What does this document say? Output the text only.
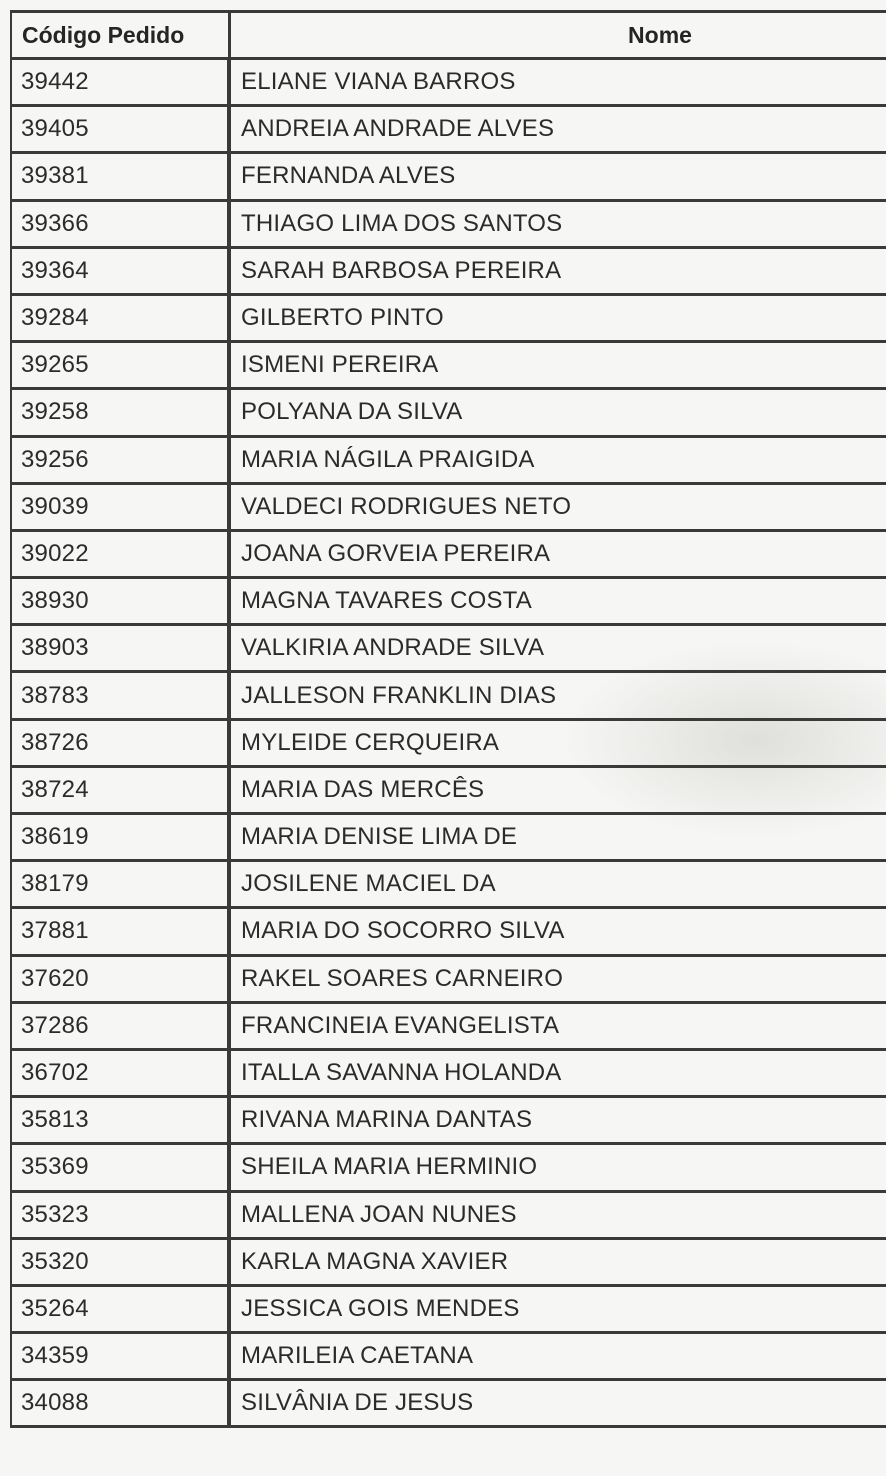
Código Pedido	Nome
39442	ELIANE VIANA BARROS
39405	ANDREIA ANDRADE ALVES
39381	FERNANDA ALVES
39366	THIAGO LIMA DOS SANTOS
39364	SARAH BARBOSA PEREIRA
39284	GILBERTO PINTO
39265	ISMENI PEREIRA
39258	POLYANA DA SILVA
39256	MARIA NÁGILA PRAIGIDA
39039	VALDECI RODRIGUES NETO
39022	JOANA GORVEIA PEREIRA
38930	MAGNA TAVARES COSTA
38903	VALKIRIA ANDRADE SILVA
38783	JALLESON FRANKLIN DIAS
38726	MYLEIDE CERQUEIRA
38724	MARIA DAS MERCÊS
38619	MARIA DENISE LIMA DE
38179	JOSILENE MACIEL DA
37881	MARIA DO SOCORRO SILVA
37620	RAKEL SOARES CARNEIRO
37286	FRANCINEIA EVANGELISTA
36702	ITALLA SAVANNA HOLANDA
35813	RIVANA MARINA DANTAS
35369	SHEILA MARIA HERMINIO
35323	MALLENA JOAN NUNES
35320	KARLA MAGNA XAVIER
35264	JESSICA GOIS MENDES
34359	MARILEIA CAETANA
34088	SILVÂNIA DE JESUS
